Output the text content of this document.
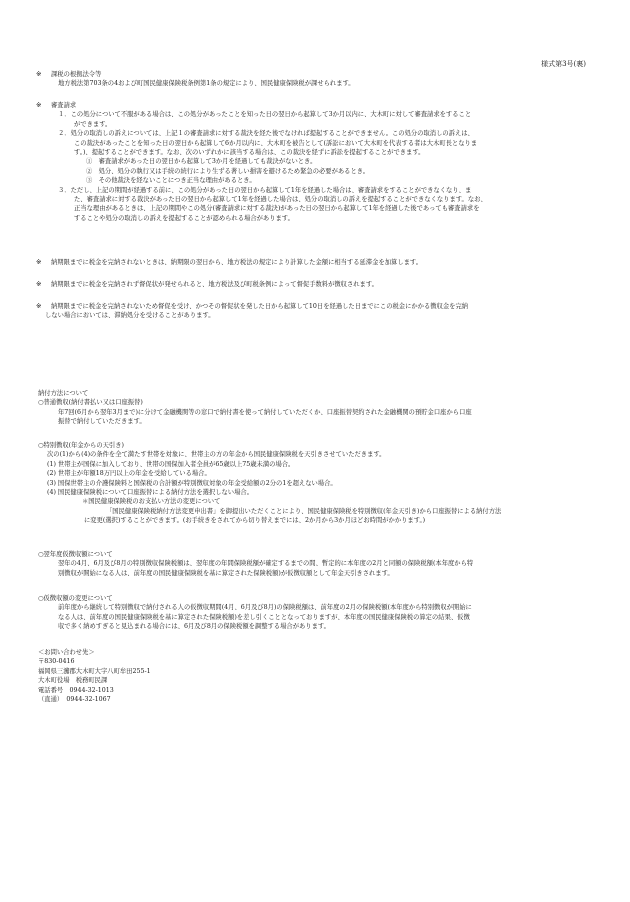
様式第3号(裏)
※ 課税の根拠法令等
地方税法第703条の4および町国民健康保険税条例第1条の規定により、国民健康保険税が課せられます。
※ 審査請求
１．この処分について不服がある場合は、この処分があったことを知った日の翌日から起算して3か月以内に、大木町に対して審査請求をすること
ができます。
２．処分の取消しの訴えについては、上記１の審査請求に対する裁決を経た後でなければ提起することができません。この処分の取消しの訴えは、
この裁決があったことを知った日の翌日から起算して6か月以内に、大木町を被告として(訴訟において大木町を代表する者は大木町長となりま
す。)、提起することができます。なお、次のいずれかに該当する場合は、この裁決を経ずに訴訟を提起することができます。
①　審査請求があった日の翌日から起算して3か月を経過しても裁決がないとき。
②　処分、処分の執行又は手続の続行により生ずる著しい損害を避けるため緊急の必要があるとき。
③　その他裁決を経ないことにつき正当な理由があるとき。
３．ただし、上記の期間が経過する前に、この処分があった日の翌日から起算して1年を経過した場合は、審査請求をすることができなくなり、ま
た、審査請求に対する裁決があった日の翌日から起算して1年を経過した場合は、処分の取消しの訴えを提起することができなくなります。なお、
正当な理由があるときは、上記の期間やこの処分(審査請求に対する裁決)があった日の翌日から起算して1年を経過した後であっても審査請求を
することや処分の取消しの訴えを提起することが認められる場合があります。
※ 納期限までに税金を完納されないときは、納期限の翌日から、地方税法の規定により計算した金額に相当する延滞金を加算します。
※ 納期限までに税金を完納されず督促状が発せられると、地方税法及び町税条例によって督促手数料が徴収されます。
※ 納期限までに税金を完納されないため督促を受け、かつその督促状を発した日から起算して10日を経過した日までにこの税金にかかる徴収金を完納
しない場合においては、滞納処分を受けることがあります。
納付方法について
○普通徴収(納付書払い又は口座振替)
年7回(6月から翌年3月まで)に分けて金融機関等の窓口で納付書を使って納付していただくか、口座振替契約された金融機関の預貯金口座から口座
振替で納付していただきます。
○特別徴収(年金からの天引き)
次の(1)から(4)の条件を全て満たす世帯を対象に、世帯主の方の年金から国民健康保険税を天引きさせていただきます。
(1) 世帯主が国保に加入しており、世帯の国保加入者全員が65歳以上75歳未満の場合。
(2) 世帯主が年額18万円以上の年金を受給している場合。
(3) 国保世帯主の介護保険料と国保税の合計額が特別徴収対象の年金受給額の2分の1を超えない場合。
(4) 国民健康保険税について口座振替による納付方法を選択しない場合。
＊国民健康保険税のお支払い方法の変更について
「国民健康保険税納付方法変更申出書」を御提出いただくことにより、国民健康保険税を特別徴収(年金天引き)から口座振替による納付方法
に変更(選択)することができます。(お手続きをされてから切り替えまでには、2か月から3か月ほどお時間がかかります。)
○翌年度仮徴収額について
翌年の4月、6月及び8月の特別徴収保険税額は、翌年度の年間保険税額が確定するまでの間、暫定的に本年度の2月と同額の保険税額(本年度から特
別徴収が開始になる人は、前年度の国民健康保険税を基に算定された保険税額)が仮徴収額として年金天引きされます。
○仮徴収額の変更について
前年度から継続して特別徴収で納付される人の仮徴収期間(4月、6月及び8月)の保険税額は、前年度の2月の保険税額(本年度から特別徴収が開始に
なる人は、前年度の国民健康保険税を基に算定された保険税額)を差し引くこととなっておりますが、本年度の国民健康保険税の算定の結果、仮徴
収で多く納めすぎると見込まれる場合には、6月及び8月の保険税額を調整する場合があります。
＜お問い合わせ先＞
〒830-0416
福岡県三瀦郡大木町大字八町牟田255-1
大木町役場　税務町民課
電話番号　0944-32-1013
（直通）　0944-32-1067
